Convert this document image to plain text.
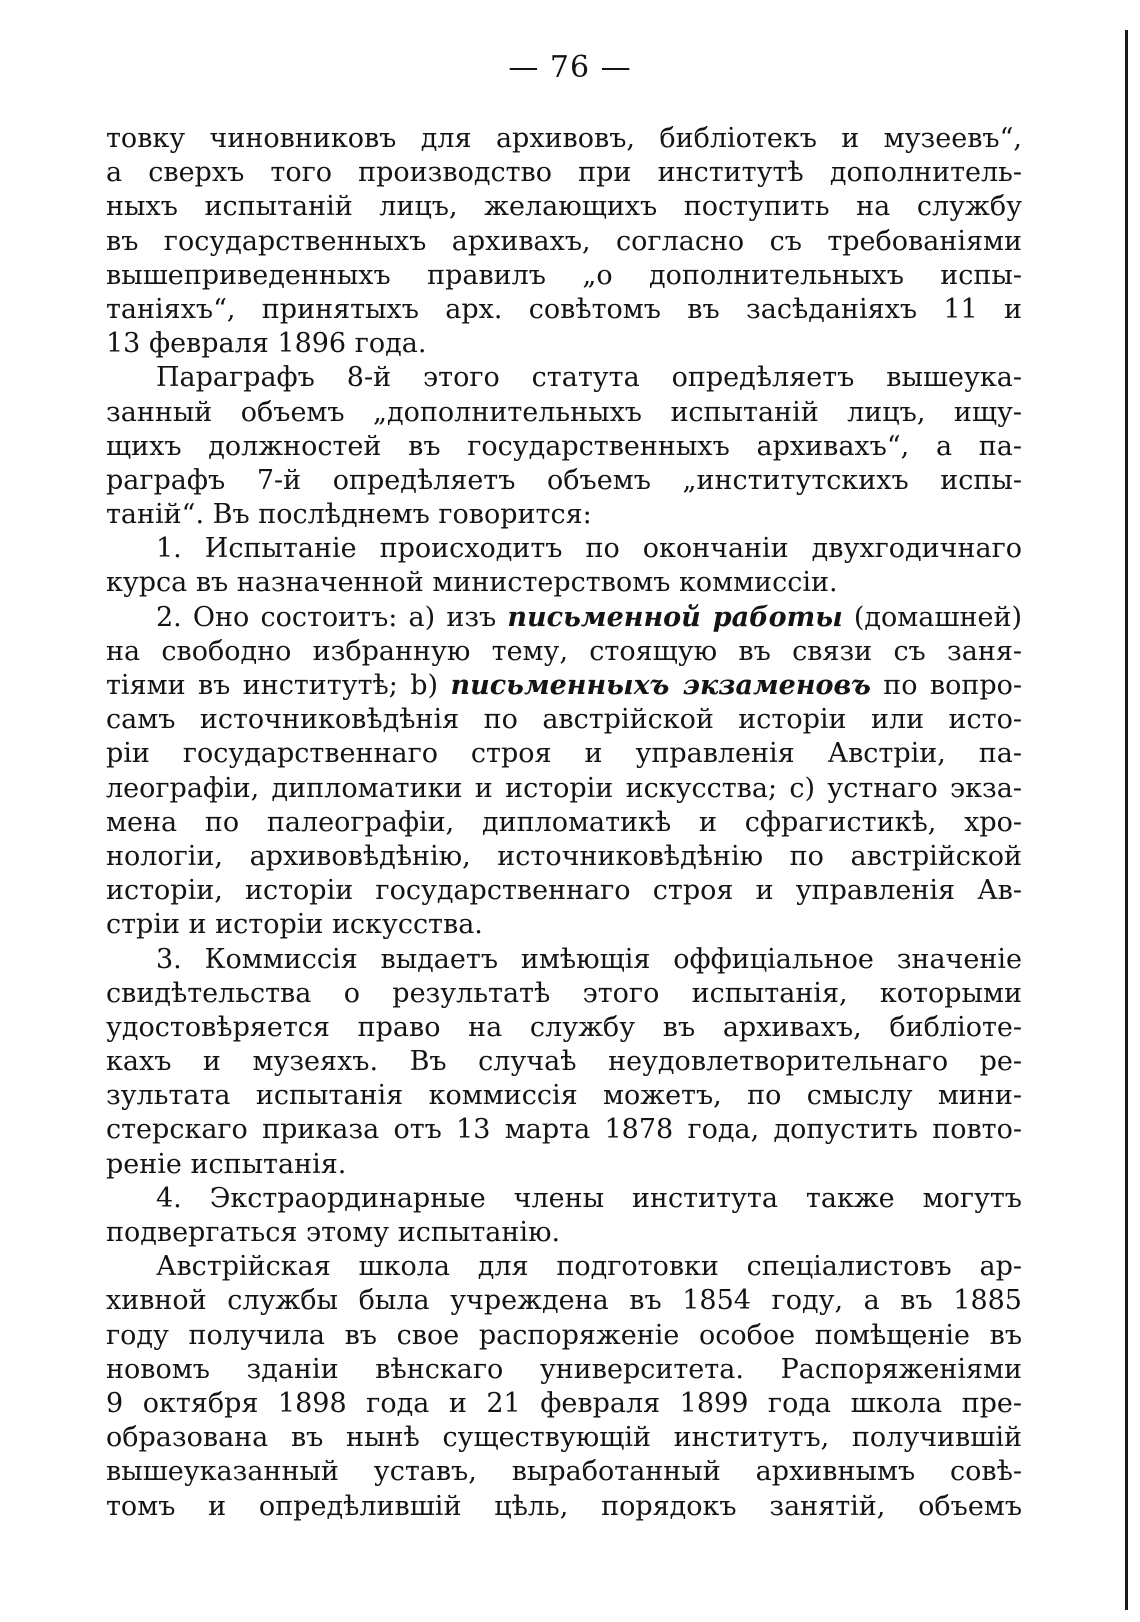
— 76 —
товку чиновниковъ для архивовъ, библіотекъ и музеевъ“,
а сверхъ того производство при институтѣ дополнитель-
ныхъ испытаній лицъ, желающихъ поступить на службу
въ государственныхъ архивахъ, согласно съ требованіями
вышеприведенныхъ правилъ „о дополнительныхъ испы-
таніяхъ“, принятыхъ арх. совѣтомъ въ засѣданіяхъ 11 и
13 февраля 1896 года.
Параграфъ 8-й этого статута опредѣляетъ вышеука-
занный объемъ „дополнительныхъ испытаній лицъ, ищу-
щихъ должностей въ государственныхъ архивахъ“, а па-
раграфъ 7-й опредѣляетъ объемъ „институтскихъ испы-
таній“. Въ послѣднемъ говорится:
1. Испытаніе происходитъ по окончаніи двухгодичнаго
курса въ назначенной министерствомъ коммиссіи.
2. Оно состоитъ: а) изъ письменной работы (домашней)
на свободно избранную тему, стоящую въ связи съ заня-
тіями въ институтѣ; b) письменныхъ экзаменовъ по вопро-
самъ источниковѣдѣнія по австрійской исторіи или исто-
ріи государственнаго строя и управленія Австріи, па-
леографіи, дипломатики и исторіи искусства; с) устнаго экза-
мена по палеографіи, дипломатикѣ и сфрагистикѣ, хро-
нологіи, архивовѣдѣнію, источниковѣдѣнію по австрійской
исторіи, исторіи государственнаго строя и управленія Ав-
стріи и исторіи искусства.
3. Коммиссія выдаетъ имѣющія оффиціальное значеніе
свидѣтельства о результатѣ этого испытанія, которыми
удостовѣряется право на службу въ архивахъ, библіоте-
кахъ и музеяхъ. Въ случаѣ неудовлетворительнаго ре-
зультата испытанія коммиссія можетъ, по смыслу мини-
стерскаго приказа отъ 13 марта 1878 года, допустить повто-
реніе испытанія.
4. Экстраординарные члены института также могутъ
подвергаться этому испытанію.
Австрійская школа для подготовки спеціалистовъ ар-
хивной службы была учреждена въ 1854 году, а въ 1885
году получила въ свое распоряженіе особое помѣщеніе въ
новомъ зданіи вѣнскаго университета. Распоряженіями
9 октября 1898 года и 21 февраля 1899 года школа пре-
образована въ нынѣ существующій институтъ, получившій
вышеуказанный уставъ, выработанный архивнымъ совѣ-
томъ и опредѣлившій цѣль, порядокъ занятій, объемъ
